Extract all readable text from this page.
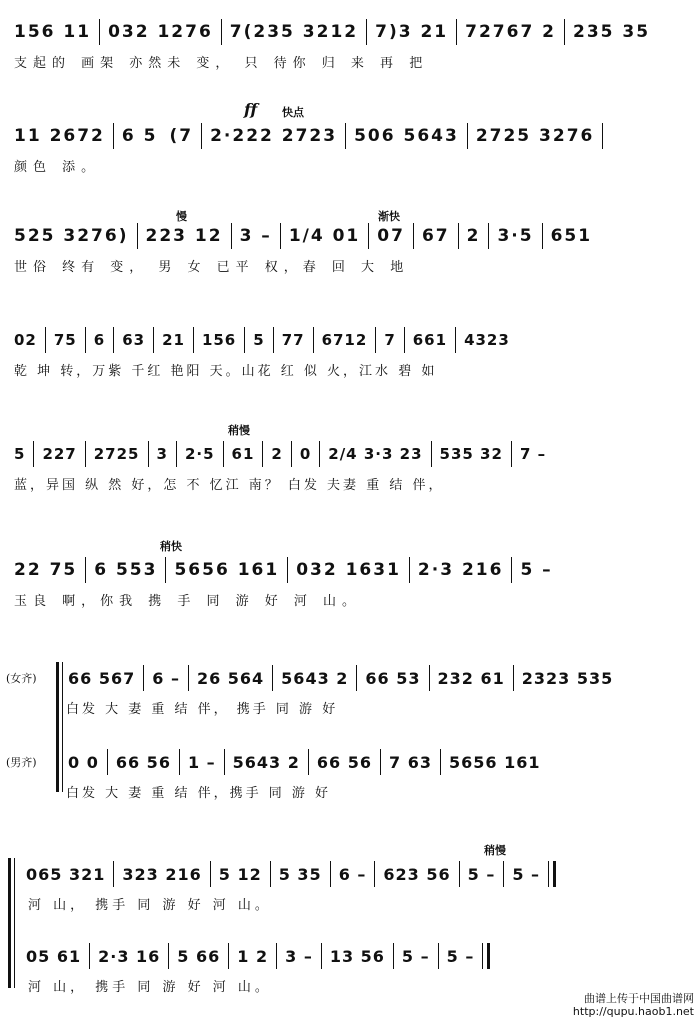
156 11	032 1276	7(235 3212	7)3 21	72767 2	235 35
支起的 画架 亦然未 变， 只 待你 归 来 再 把
ff 快点
11 2672	6 5 (7	2·222 2723	506 5643	2725 3276
颜色 添。
慢	渐快
525 3276)	223 12	3 –	1/4 01	07	67	2	3·5	651
世俗 终有 变， 男 女 已平 权，春 回 大 地
02	75	6	63	21	156	5	77	6712	7	661	4323
乾 坤 转，万紫 千红 艳阳 天。山花 红 似 火，江水 碧 如
稍慢
5	227	2725	3	2·5	61	2	0	2/4 3·3 23	535 32	7 –
蓝，异国 纵 然 好，怎 不 忆江 南？ 白发 夫妻 重 结 伴，
稍快
22 75	6 553	5656 161	032 1631	2·3 216	5 –
玉良 啊，你我 携 手 同 游 好 河 山。
(女齐)	66 567	6 –	26 564	5643 2	66 53	232 61	2323 535
白发 大 妻 重 结 伴， 携手 同 游 好
(男齐)	0 0	66 56	1 –	5643 2	66 56	7 63	5656 161
白发 大 妻 重 结 伴，携手 同 游 好
稍慢
065 321	323 216	5 12	5 35	6 –	623 56	5 –	5 –
河 山， 携手 同 游 好 河 山。
05 61	2·3 16	5 66	1 2	3 –	13 56	5 –	5 –
河 山， 携手 同 游 好 河 山。
曲谱上传于中国曲谱网
http://qupu.haob1.net
